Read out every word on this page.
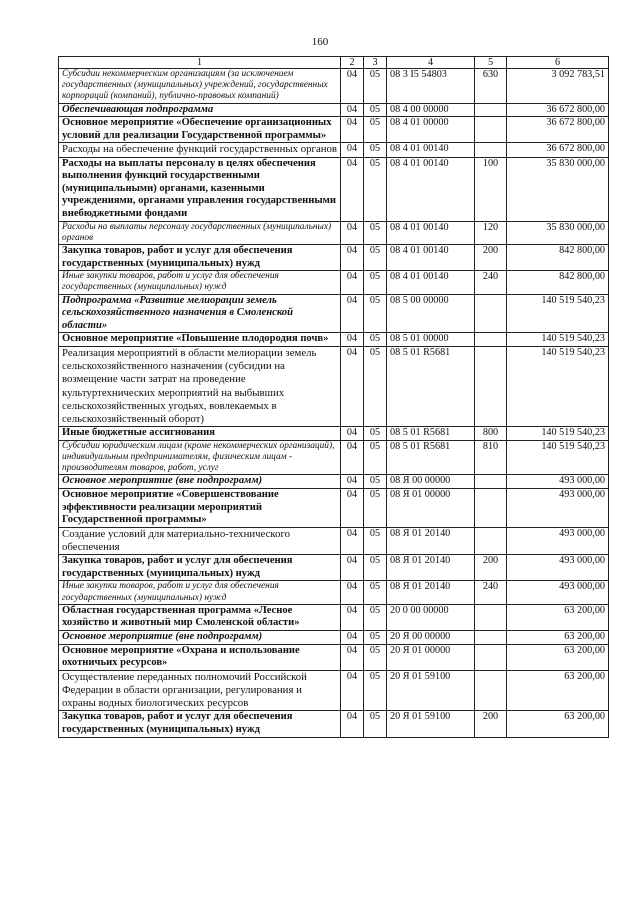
160
1	2	3	4	5	6
Субсидии некоммерческим организациям (за исключением государственных (муниципальных) учреждений, государственных корпораций (компаний), публично-правовых компаний)	04	05	08 3 I5 54803	630	3 092 783,51
Обеспечивающая подпрограмма	04	05	08 4 00 00000		36 672 800,00
Основное мероприятие «Обеспечение организационных условий для реализации Государственной программы»	04	05	08 4 01 00000		36 672 800,00
Расходы на обеспечение функций государственных органов	04	05	08 4 01 00140		36 672 800,00
Расходы на выплаты персоналу в целях обеспечения выполнения функций государственными (муниципальными) органами, казенными учреждениями, органами управления государственными внебюджетными фондами	04	05	08 4 01 00140	100	35 830 000,00
Расходы на выплаты персоналу государственных (муниципальных) органов	04	05	08 4 01 00140	120	35 830 000,00
Закупка товаров, работ и услуг для обеспечения государственных (муниципальных) нужд	04	05	08 4 01 00140	200	842 800,00
Иные закупки товаров, работ и услуг для обеспечения государственных (муниципальных) нужд	04	05	08 4 01 00140	240	842 800,00
Подпрограмма «Развитие мелиорации земель сельскохозяйственного назначения в Смоленской области»	04	05	08 5 00 00000		140 519 540,23
Основное мероприятие «Повышение плодородия почв»	04	05	08 5 01 00000		140 519 540,23
Реализация мероприятий в области мелиорации земель сельскохозяйственного назначения (субсидии на возмещение части затрат на проведение культуртехнических мероприятий на выбывших сельскохозяйственных угодьях, вовлекаемых в сельскохозяйственный оборот)	04	05	08 5 01 R5681		140 519 540,23
Иные бюджетные ассигнования	04	05	08 5 01 R5681	800	140 519 540,23
Субсидии юридическим лицам (кроме некоммерческих организаций), индивидуальным предпринимателям, физическим лицам - производителям товаров, работ, услуг	04	05	08 5 01 R5681	810	140 519 540,23
Основное мероприятие (вне подпрограмм)	04	05	08 Я 00 00000		493 000,00
Основное мероприятие «Совершенствование эффективности реализации мероприятий Государственной программы»	04	05	08 Я 01 00000		493 000,00
Создание условий для материально-технического обеспечения	04	05	08 Я 01 20140		493 000,00
Закупка товаров, работ и услуг для обеспечения государственных (муниципальных) нужд	04	05	08 Я 01 20140	200	493 000,00
Иные закупки товаров, работ и услуг для обеспечения государственных (муниципальных) нужд	04	05	08 Я 01 20140	240	493 000,00
Областная государственная программа «Лесное хозяйство и животный мир Смоленской области»	04	05	20 0 00 00000		63 200,00
Основное мероприятие (вне подпрограмм)	04	05	20 Я 00 00000		63 200,00
Основное мероприятие «Охрана и использование охотничьих ресурсов»	04	05	20 Я 01 00000		63 200,00
Осуществление переданных полномочий Российской Федерации в области организации, регулирования и охраны водных биологических ресурсов	04	05	20 Я 01 59100		63 200,00
Закупка товаров, работ и услуг для обеспечения государственных (муниципальных) нужд	04	05	20 Я 01 59100	200	63 200,00
